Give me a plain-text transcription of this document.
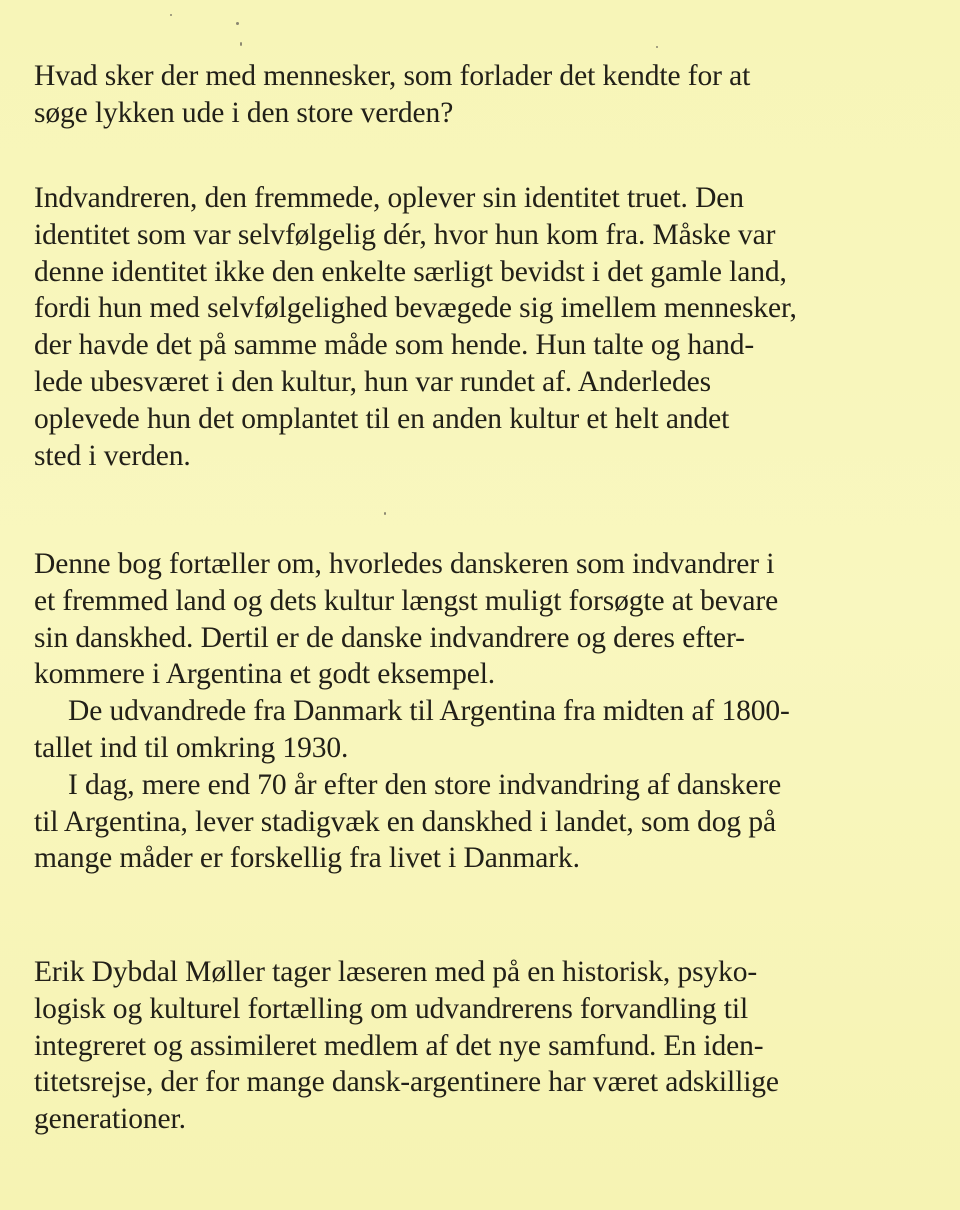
Hvad sker der med mennesker, som forlader det kendte for at
søge lykken ude i den store verden?
Indvandreren, den fremmede, oplever sin identitet truet. Den
identitet som var selvfølgelig dér, hvor hun kom fra. Måske var
denne identitet ikke den enkelte særligt bevidst i det gamle land,
fordi hun med selvfølgelighed bevægede sig imellem mennesker,
der havde det på samme måde som hende. Hun talte og hand-
lede ubesværet i den kultur, hun var rundet af. Anderledes
oplevede hun det omplantet til en anden kultur et helt andet
sted i verden.
Denne bog fortæller om, hvorledes danskeren som indvandrer i
et fremmed land og dets kultur længst muligt forsøgte at bevare
sin danskhed. Dertil er de danske indvandrere og deres efter-
kommere i Argentina et godt eksempel.
De udvandrede fra Danmark til Argentina fra midten af 1800-
tallet ind til omkring 1930.
I dag, mere end 70 år efter den store indvandring af danskere
til Argentina, lever stadigvæk en danskhed i landet, som dog på
mange måder er forskellig fra livet i Danmark.
Erik Dybdal Møller tager læseren med på en historisk, psyko-
logisk og kulturel fortælling om udvandrerens forvandling til
integreret og assimileret medlem af det nye samfund. En iden-
titetsrejse, der for mange dansk-argentinere har været adskillige
generationer.
